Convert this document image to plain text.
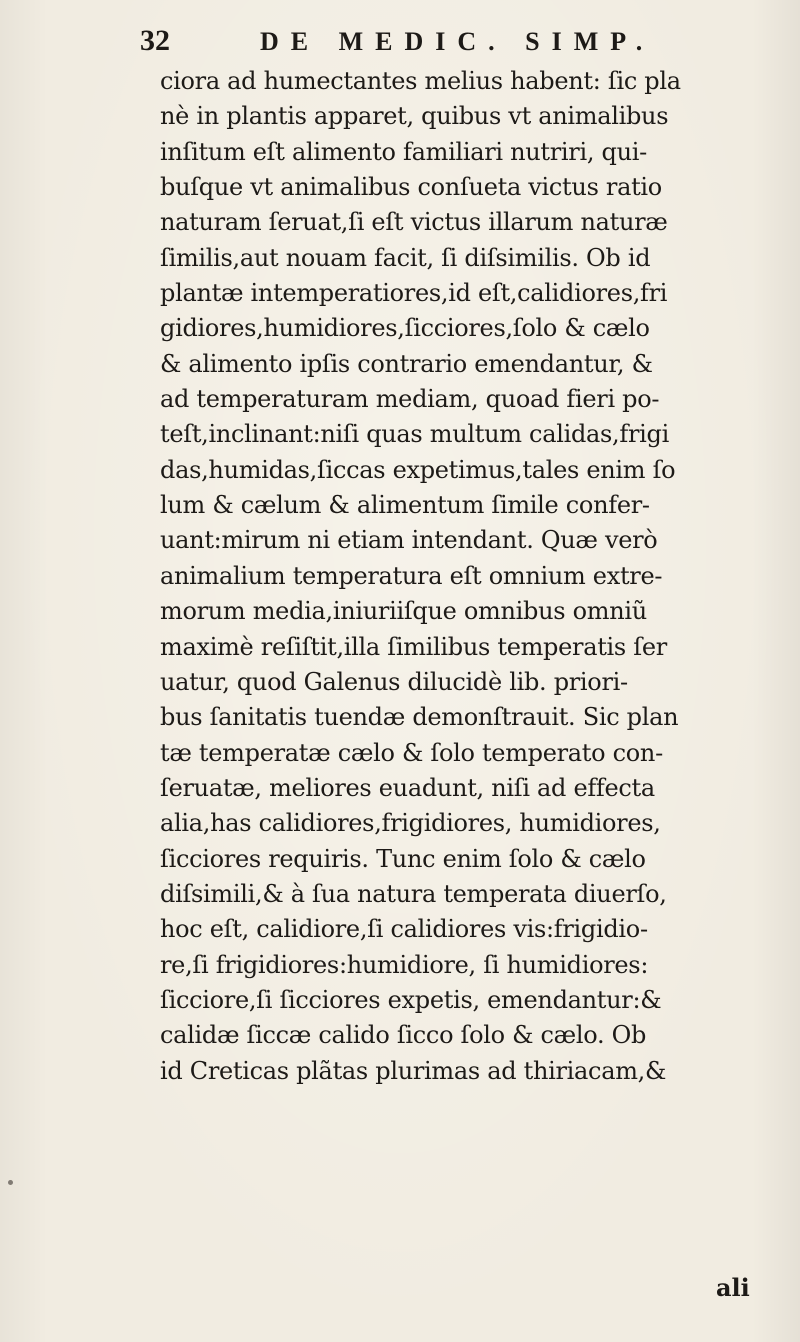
32	DE MEDIC. SIMP.
ciora ad humectantes melius habent: ſic pla
nè in plantis apparet, quibus vt animalibus
inſitum eſt alimento familiari nutriri, qui-
buſque vt animalibus conſueta victus ratio
naturam ſeruat,ſi eſt victus illarum naturæ
ſimilis,aut nouam facit, ſi diſsimilis. Ob id
plantæ intemperatiores,id eſt,calidiores,fri
gidiores,humidiores,ſicciores,ſolo & cælo
& alimento ipſis contrario emendantur, &
ad temperaturam mediam, quoad fieri po-
teſt,inclinant:niſi quas multum calidas,frigi
das,humidas,ſiccas expetimus,tales enim ſo
lum & cælum & alimentum ſimile confer-
uant:mirum ni etiam intendant. Quæ verò
animalium temperatura eſt omnium extre-
morum media,iniuriiſque omnibus omniũ
maximè reſiſtit,illa ſimilibus temperatis ſer
uatur, quod Galenus dilucidè lib. priori-
bus ſanitatis tuendæ demonſtrauit. Sic plan
tæ temperatæ cælo & ſolo temperato con-
ſeruatæ, meliores euadunt, niſi ad effecta
alia,has calidiores,frigidiores, humidiores,
ſicciores requiris. Tunc enim ſolo & cælo
diſsimili,& à ſua natura temperata diuerſo,
hoc eſt, calidiore,ſi calidiores vis:frigidio-
re,ſi frigidiores:humidiore, ſi humidiores:
ſicciore,ſi ſicciores expetis, emendantur:&
calidæ ſiccæ calido ſicco ſolo & cælo. Ob
id Creticas plãtas plurimas ad thiriacam,&
ali
